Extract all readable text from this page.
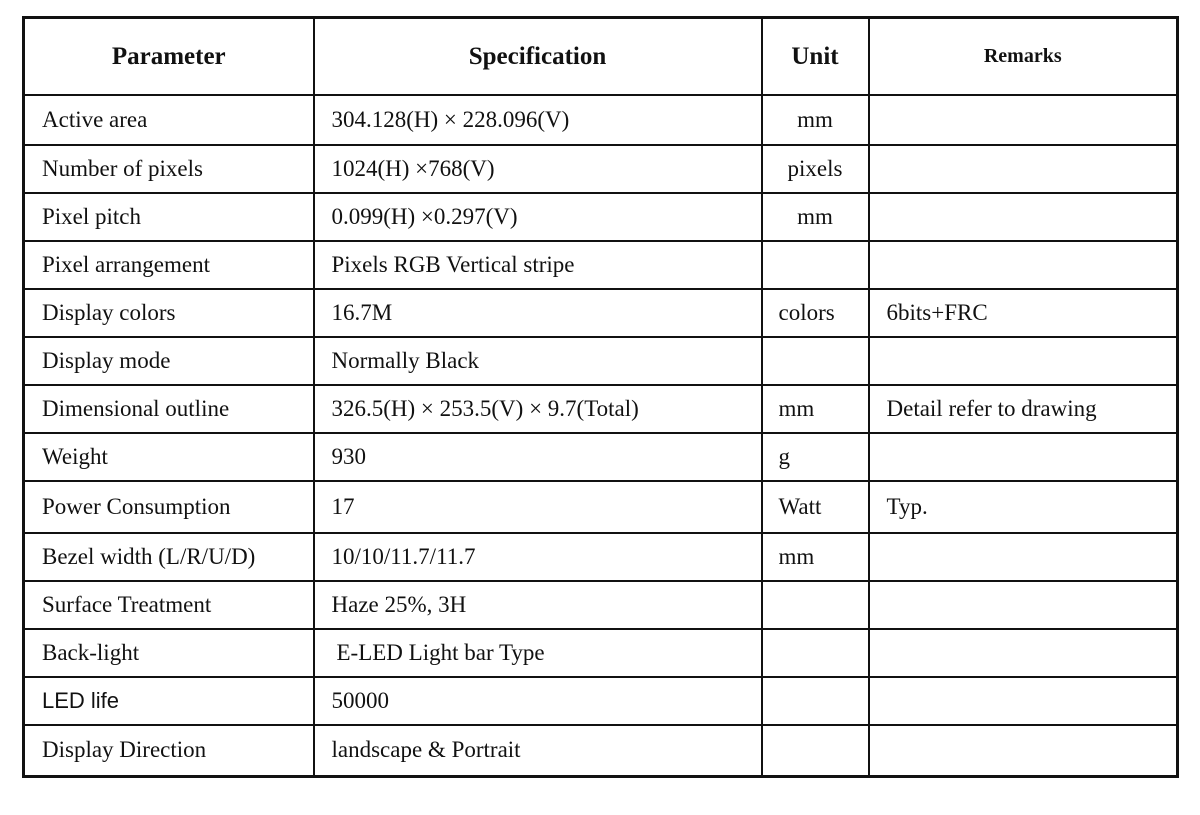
Parameter	Specification	Unit	Remarks
Active area	304.128(H) × 228.096(V)	mm	
Number of pixels	1024(H) ×768(V)	pixels	
Pixel pitch	0.099(H) ×0.297(V)	mm	
Pixel arrangement	Pixels RGB Vertical stripe		
Display colors	16.7M	colors	6bits+FRC
Display mode	Normally Black		
Dimensional outline	326.5(H) × 253.5(V) × 9.7(Total)	mm	Detail refer to drawing
Weight	930	g	
Power Consumption	17	Watt	Typ.
Bezel width (L/R/U/D)	10/10/11.7/11.7	mm	
Surface Treatment	Haze 25%, 3H		
Back-light	E-LED Light bar Type		
LED life	50000		
Display Direction	landscape & Portrait		
